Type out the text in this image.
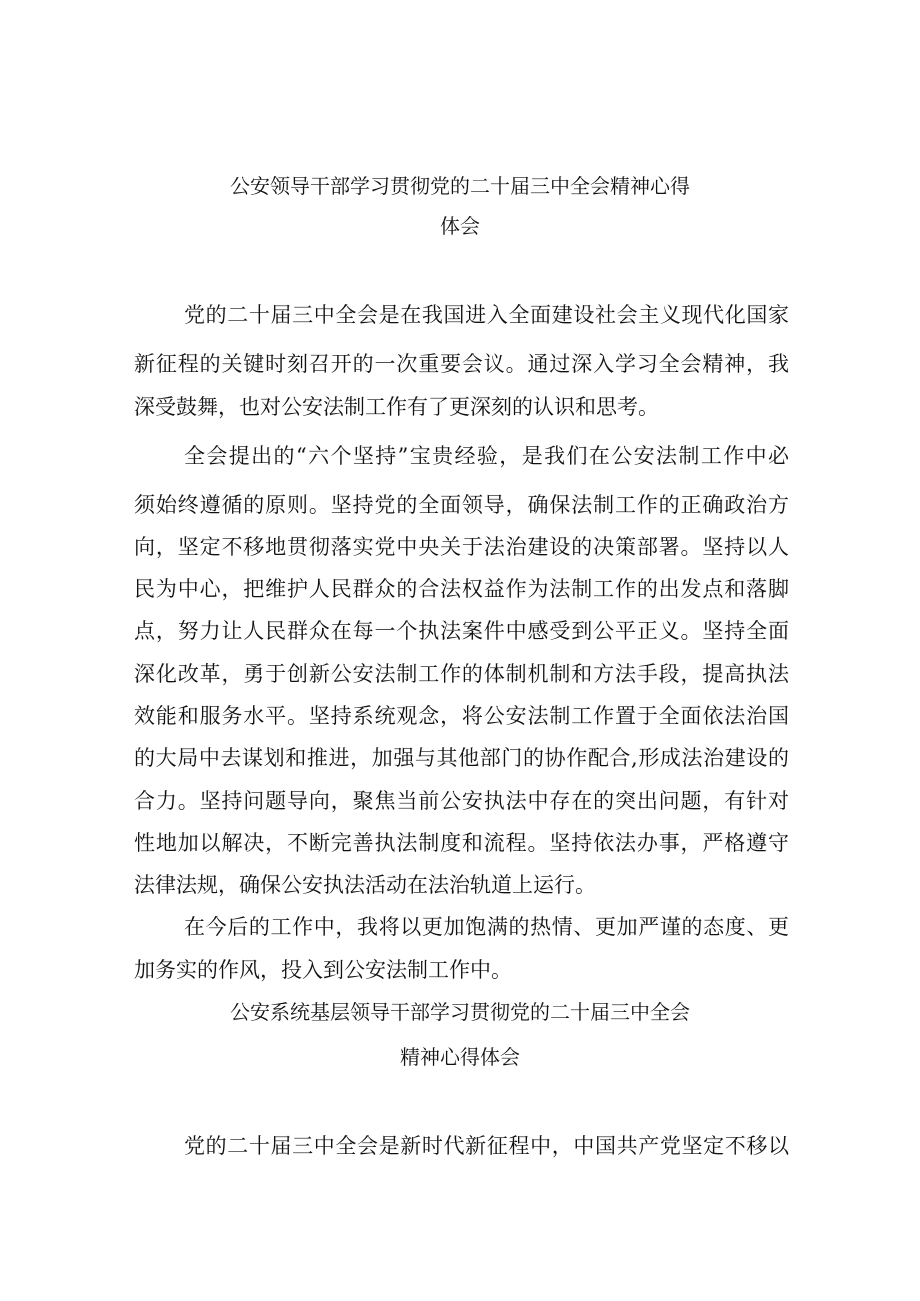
公安领导干部学习贯彻党的二十届三中全会精神心得
体会
党的二十届三中全会是在我国进入全面建设社会主义现代化国家
新征程的关键时刻召开的一次重要会议。通过深入学习全会精神，我
深受鼓舞，也对公安法制工作有了更深刻的认识和思考。
全会提出的“六个坚持”宝贵经验，是我们在公安法制工作中必
须始终遵循的原则。坚持党的全面领导，确保法制工作的正确政治方
向，坚定不移地贯彻落实党中央关于法治建设的决策部署。坚持以人
民为中心，把维护人民群众的合法权益作为法制工作的出发点和落脚
点，努力让人民群众在每一个执法案件中感受到公平正义。坚持全面
深化改革，勇于创新公安法制工作的体制机制和方法手段，提高执法
效能和服务水平。坚持系统观念，将公安法制工作置于全面依法治国
的大局中去谋划和推进，加强与其他部门的协作配合,形成法治建设的
合力。坚持问题导向，聚焦当前公安执法中存在的突出问题，有针对
性地加以解决，不断完善执法制度和流程。坚持依法办事，严格遵守
法律法规，确保公安执法活动在法治轨道上运行。
在今后的工作中，我将以更加饱满的热情、更加严谨的态度、更
加务实的作风，投入到公安法制工作中。
公安系统基层领导干部学习贯彻党的二十届三中全会
精神心得体会
党的二十届三中全会是新时代新征程中，中国共产党坚定不移以
